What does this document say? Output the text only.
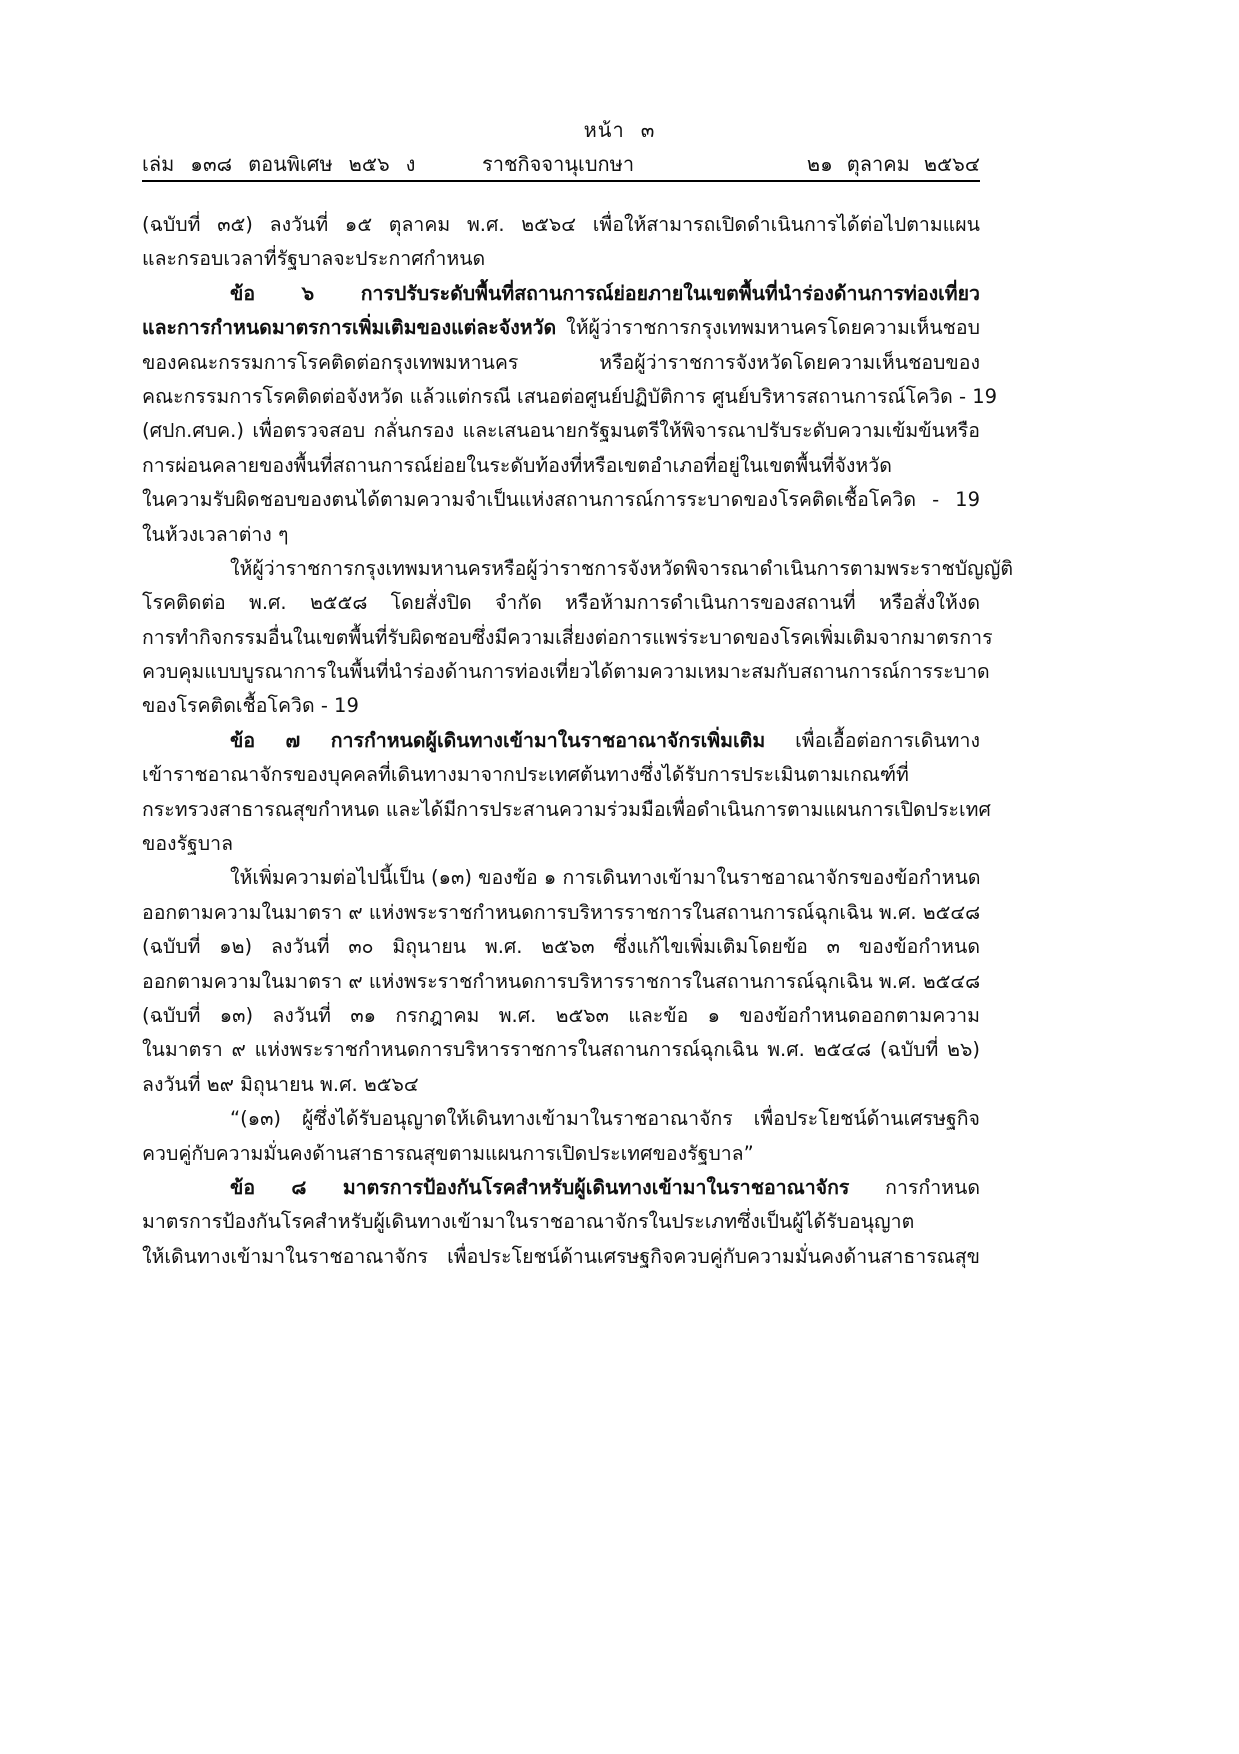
หน้า ๓
เล่ม ๑๓๘ ตอนพิเศษ ๒๕๖ ง	ราชกิจจานุเบกษา	๒๑ ตุลาคม ๒๕๖๔
(ฉบับที่ ๓๕) ลงวันที่ ๑๕ ตุลาคม พ.ศ. ๒๕๖๔ เพื่อให้สามารถเปิดดำเนินการได้ต่อไปตามแผน
และกรอบเวลาที่รัฐบาลจะประกาศกำหนด
ข้อ ๖ การปรับระดับพื้นที่สถานการณ์ย่อยภายในเขตพื้นที่นำร่องด้านการท่องเที่ยว
และการกำหนดมาตรการเพิ่มเติมของแต่ละจังหวัด ให้ผู้ว่าราชการกรุงเทพมหานครโดยความเห็นชอบ
ของคณะกรรมการโรคติดต่อกรุงเทพมหานคร หรือผู้ว่าราชการจังหวัดโดยความเห็นชอบของ
คณะกรรมการโรคติดต่อจังหวัด แล้วแต่กรณี เสนอต่อศูนย์ปฏิบัติการ ศูนย์บริหารสถานการณ์โควิด - 19
(ศปก.ศบค.) เพื่อตรวจสอบ กลั่นกรอง และเสนอนายกรัฐมนตรีให้พิจารณาปรับระดับความเข้มข้นหรือ
การผ่อนคลายของพื้นที่สถานการณ์ย่อยในระดับท้องที่หรือเขตอำเภอที่อยู่ในเขตพื้นที่จังหวัด
ในความรับผิดชอบของตนได้ตามความจำเป็นแห่งสถานการณ์การระบาดของโรคติดเชื้อโควิด - 19
ในห้วงเวลาต่าง ๆ
ให้ผู้ว่าราชการกรุงเทพมหานครหรือผู้ว่าราชการจังหวัดพิจารณาดำเนินการตามพระราชบัญญัติ
โรคติดต่อ พ.ศ. ๒๕๕๘ โดยสั่งปิด จำกัด หรือห้ามการดำเนินการของสถานที่ หรือสั่งให้งด
การทำกิจกรรมอื่นในเขตพื้นที่รับผิดชอบซึ่งมีความเสี่ยงต่อการแพร่ระบาดของโรคเพิ่มเติมจากมาตรการ
ควบคุมแบบบูรณาการในพื้นที่นำร่องด้านการท่องเที่ยวได้ตามความเหมาะสมกับสถานการณ์การระบาด
ของโรคติดเชื้อโควิด - 19
ข้อ ๗ การกำหนดผู้เดินทางเข้ามาในราชอาณาจักรเพิ่มเติม เพื่อเอื้อต่อการเดินทาง
เข้าราชอาณาจักรของบุคคลที่เดินทางมาจากประเทศต้นทางซึ่งได้รับการประเมินตามเกณฑ์ที่
กระทรวงสาธารณสุขกำหนด และได้มีการประสานความร่วมมือเพื่อดำเนินการตามแผนการเปิดประเทศ
ของรัฐบาล
ให้เพิ่มความต่อไปนี้เป็น (๑๓) ของข้อ ๑ การเดินทางเข้ามาในราชอาณาจักรของข้อกำหนด
ออกตามความในมาตรา ๙ แห่งพระราชกำหนดการบริหารราชการในสถานการณ์ฉุกเฉิน พ.ศ. ๒๕๔๘
(ฉบับที่ ๑๒) ลงวันที่ ๓๐ มิถุนายน พ.ศ. ๒๕๖๓ ซึ่งแก้ไขเพิ่มเติมโดยข้อ ๓ ของข้อกำหนด
ออกตามความในมาตรา ๙ แห่งพระราชกำหนดการบริหารราชการในสถานการณ์ฉุกเฉิน พ.ศ. ๒๕๔๘
(ฉบับที่ ๑๓) ลงวันที่ ๓๑ กรกฎาคม พ.ศ. ๒๕๖๓ และข้อ ๑ ของข้อกำหนดออกตามความ
ในมาตรา ๙ แห่งพระราชกำหนดการบริหารราชการในสถานการณ์ฉุกเฉิน พ.ศ. ๒๕๔๘ (ฉบับที่ ๒๖)
ลงวันที่ ๒๙ มิถุนายน พ.ศ. ๒๕๖๔
“(๑๓) ผู้ซึ่งได้รับอนุญาตให้เดินทางเข้ามาในราชอาณาจักร เพื่อประโยชน์ด้านเศรษฐกิจ
ควบคู่กับความมั่นคงด้านสาธารณสุขตามแผนการเปิดประเทศของรัฐบาล”
ข้อ ๘ มาตรการป้องกันโรคสำหรับผู้เดินทางเข้ามาในราชอาณาจักร การกำหนด
มาตรการป้องกันโรคสำหรับผู้เดินทางเข้ามาในราชอาณาจักรในประเภทซึ่งเป็นผู้ได้รับอนุญาต
ให้เดินทางเข้ามาในราชอาณาจักร เพื่อประโยชน์ด้านเศรษฐกิจควบคู่กับความมั่นคงด้านสาธารณสุข
